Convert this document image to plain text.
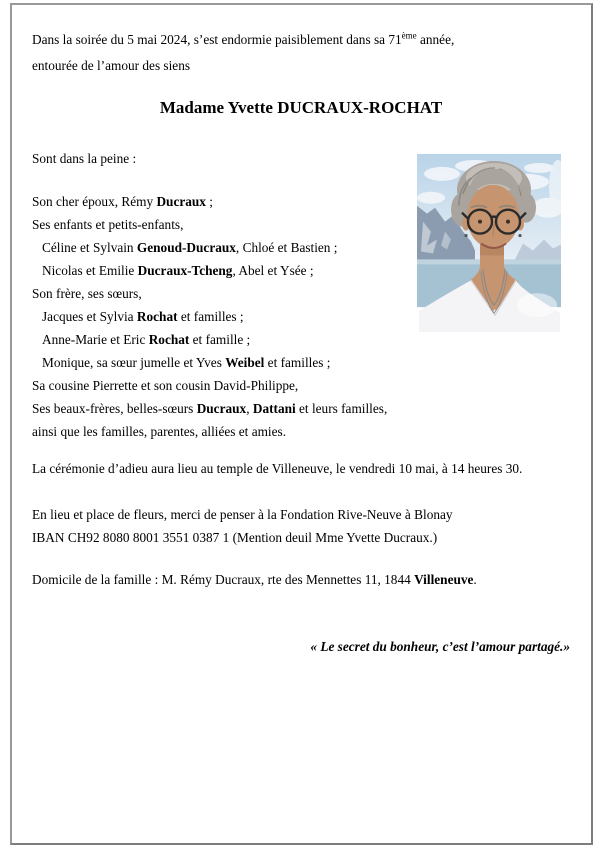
Dans la soirée du 5 mai 2024, s’est endormie paisiblement dans sa 71ème année,
entourée de l’amour des siens
Madame Yvette DUCRAUX-ROCHAT
Sont dans la peine :
Son cher époux, Rémy Ducraux ;
Ses enfants et petits-enfants,
Céline et Sylvain Genoud-Ducraux, Chloé et Bastien ;
Nicolas et Emilie Ducraux-Tcheng, Abel et Ysée ;
Son frère, ses sœurs,
Jacques et Sylvia Rochat et familles ;
Anne-Marie et Eric Rochat et famille ;
Monique, sa sœur jumelle et Yves Weibel et familles ;
Sa cousine Pierrette et son cousin David-Philippe,
Ses beaux-frères, belles-sœurs Ducraux, Dattani et leurs familles,
ainsi que les familles, parentes, alliées et amies.
La cérémonie d’adieu aura lieu au temple de Villeneuve, le vendredi 10 mai, à 14 heures 30.
En lieu et place de fleurs, merci de penser à la Fondation Rive-Neuve à Blonay
IBAN CH92 8080 8001 3551 0387 1 (Mention deuil Mme Yvette Ducraux.)
Domicile de la famille : M. Rémy Ducraux, rte des Mennettes 11, 1844 Villeneuve.
« Le secret du bonheur, c’est l’amour partagé.»
